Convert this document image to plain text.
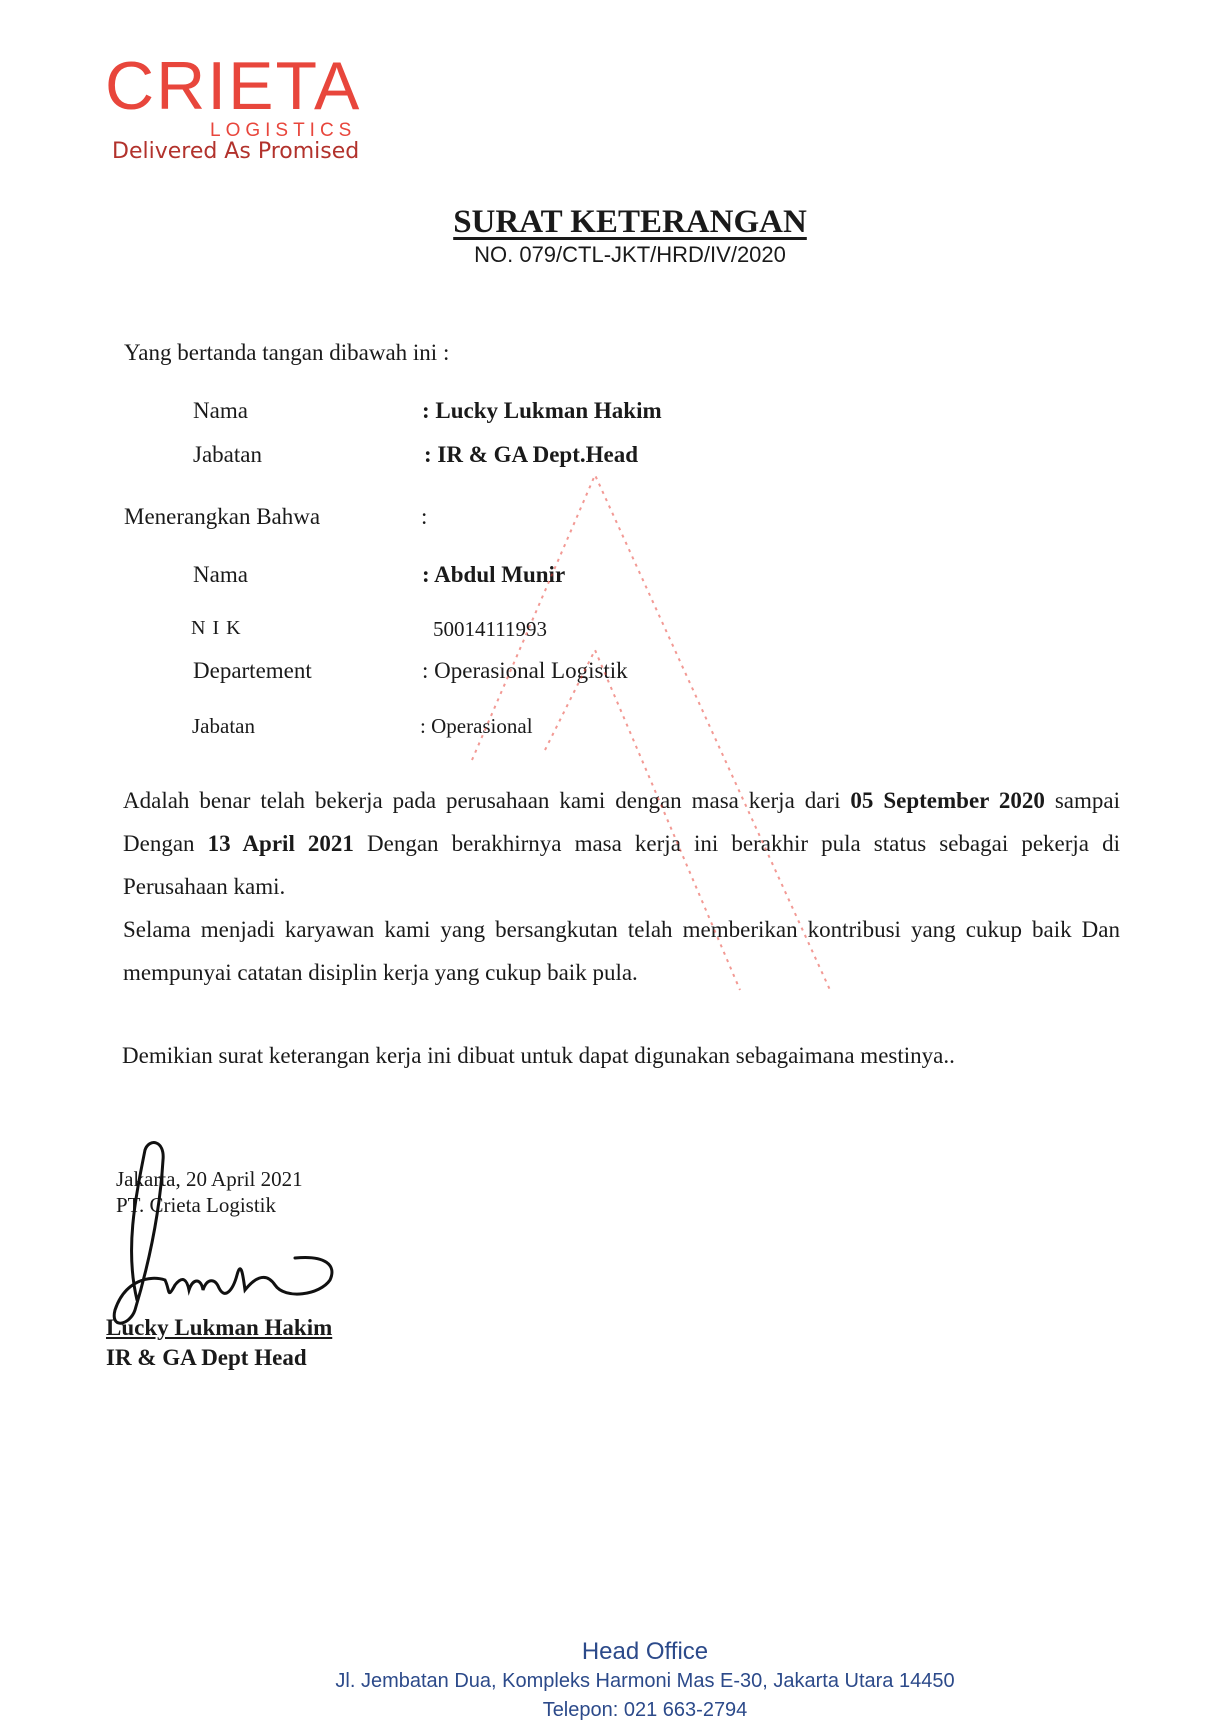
CRIETA
LOGISTICS
Delivered As Promised
SURAT KETERANGAN
NO. 079/CTL-JKT/HRD/IV/2020
Yang bertanda tangan dibawah ini :
Nama	: Lucky Lukman Hakim
Jabatan	: IR & GA Dept.Head
Menerangkan Bahwa	:
Nama	: Abdul Munir
N I K	50014111993
Departement	: Operasional Logistik
Jabatan	: Operasional

Adalah benar telah bekerja pada perusahaan kami dengan masa kerja dari 05 September 2020 sampai Dengan 13 April 2021 Dengan berakhirnya masa kerja ini berakhir pula status sebagai pekerja di Perusahaan kami.

Selama menjadi karyawan kami yang bersangkutan telah memberikan kontribusi yang cukup baik Dan mempunyai catatan disiplin kerja yang cukup baik pula.

Demikian surat keterangan kerja ini dibuat untuk dapat digunakan sebagaimana mestinya..
Jakarta, 20 April 2021
PT. Crieta Logistik
Lucky Lukman Hakim
IR & GA Dept Head
Head Office
Jl. Jembatan Dua, Kompleks Harmoni Mas E-30, Jakarta Utara 14450
Telepon: 021 663-2794
